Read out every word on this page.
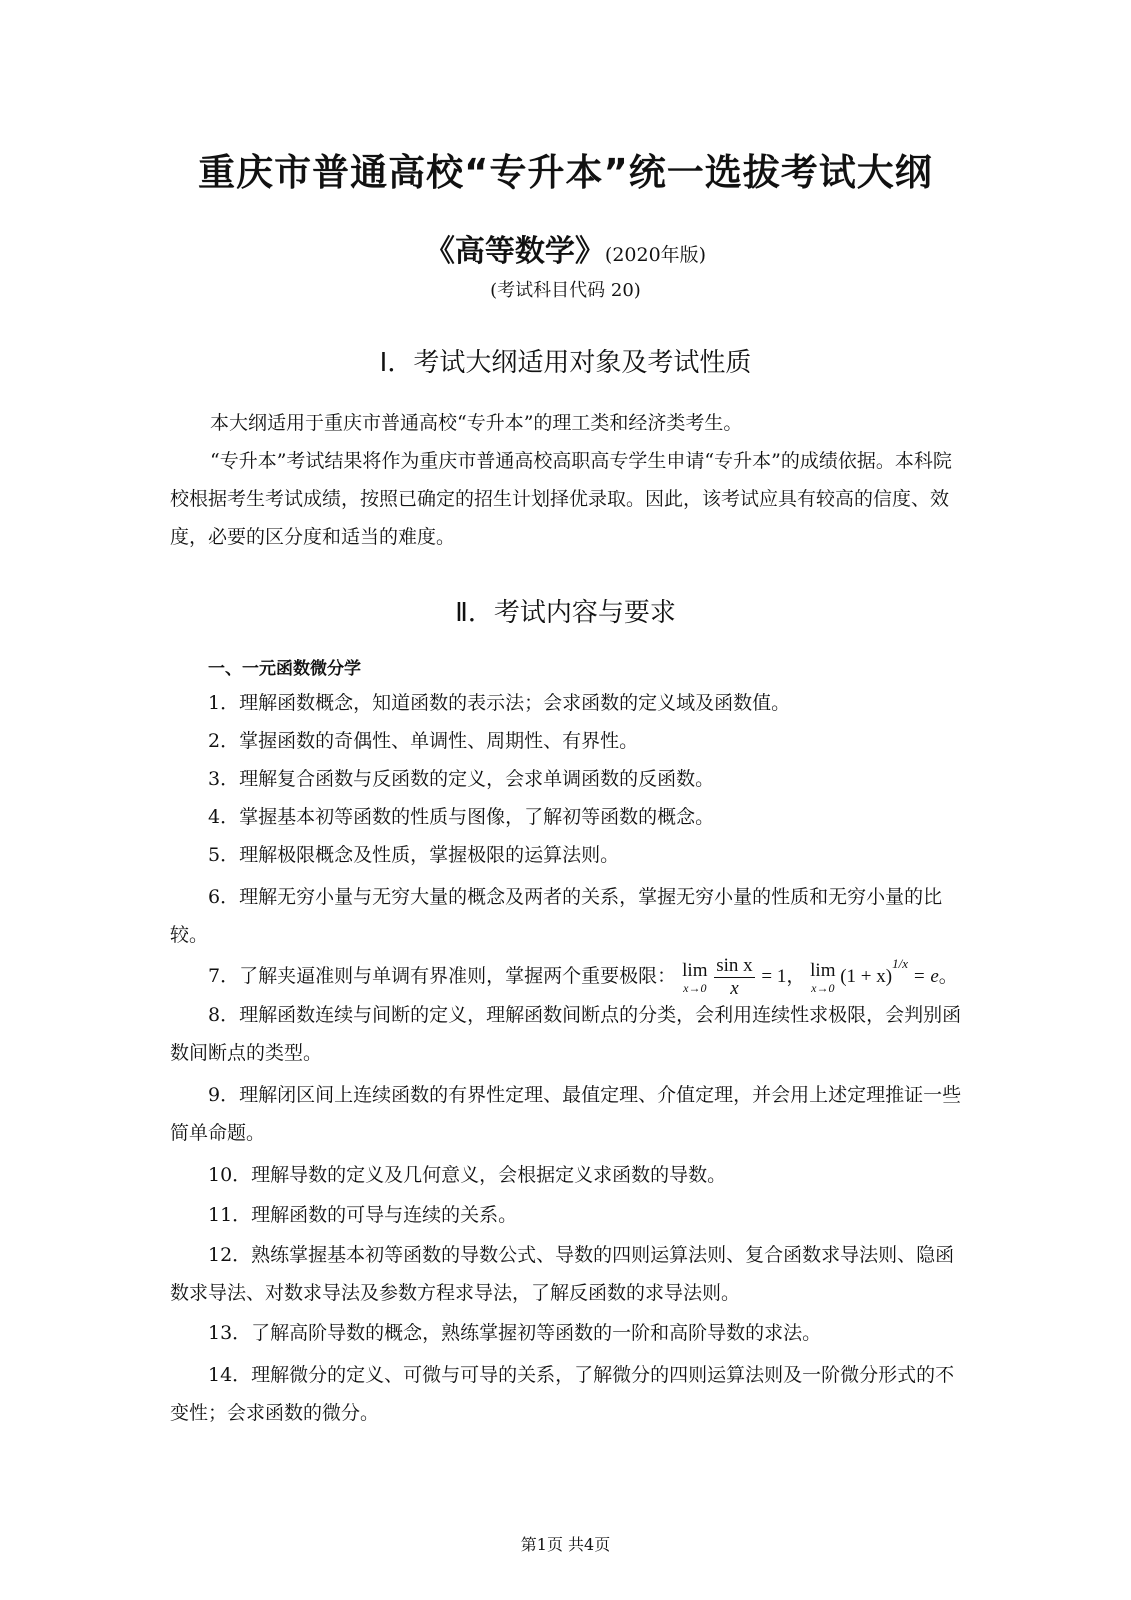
重庆市普通高校“专升本”统一选拔考试大纲
《高等数学》(2020年版)
(考试科目代码 20)
Ⅰ．考试大纲适用对象及考试性质
本大纲适用于重庆市普通高校“专升本”的理工类和经济类考生。
“专升本”考试结果将作为重庆市普通高校高职高专学生申请“专升本”的成绩依据。本科院校根据考生考试成绩，按照已确定的招生计划择优录取。因此，该考试应具有较高的信度、效度，必要的区分度和适当的难度。
Ⅱ．考试内容与要求
一、一元函数微分学
1．理解函数概念，知道函数的表示法；会求函数的定义域及函数值。
2．掌握函数的奇偶性、单调性、周期性、有界性。
3．理解复合函数与反函数的定义，会求单调函数的反函数。
4．掌握基本初等函数的性质与图像，了解初等函数的概念。
5．理解极限概念及性质，掌握极限的运算法则。
6．理解无穷小量与无穷大量的概念及两者的关系，掌握无穷小量的性质和无穷小量的比较。
7．了解夹逼准则与单调有界准则，掌握两个重要极限： lim
x→0
$\frac{\text{sin x}}{x} = 1$， lim
x→0
$(1 + x)^{1/x} = e$。
8．理解函数连续与间断的定义，理解函数间断点的分类，会利用连续性求极限，会判别函数间断点的类型。
9．理解闭区间上连续函数的有界性定理、最值定理、介值定理，并会用上述定理推证一些简单命题。
10．理解导数的定义及几何意义，会根据定义求函数的导数。
11．理解函数的可导与连续的关系。
12．熟练掌握基本初等函数的导数公式、导数的四则运算法则、复合函数求导法则、隐函数求导法、对数求导法及参数方程求导法，了解反函数的求导法则。
13．了解高阶导数的概念，熟练掌握初等函数的一阶和高阶导数的求法。
14．理解微分的定义、可微与可导的关系，了解微分的四则运算法则及一阶微分形式的不变性；会求函数的微分。
第1页 共4页
